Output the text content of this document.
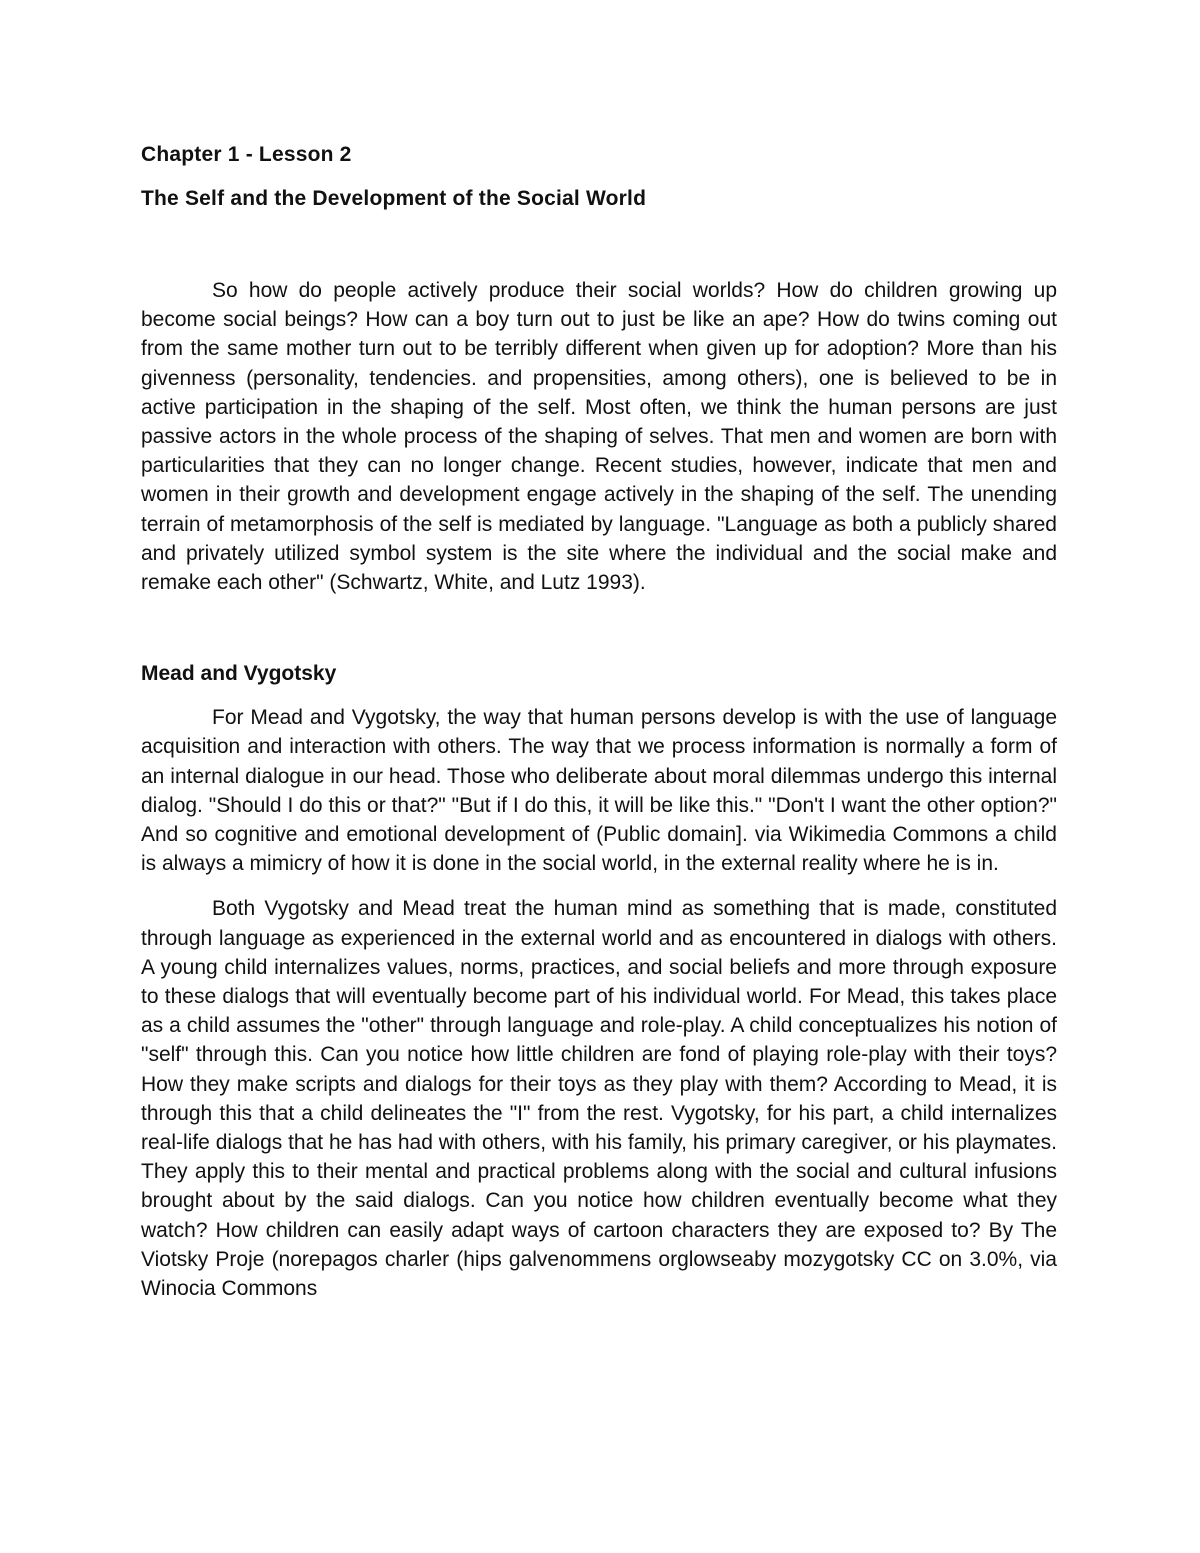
Chapter 1 - Lesson 2
The Self and the Development of the Social World

So how do people actively produce their social worlds? How do children growing up become social beings? How can a boy turn out to just be like an ape? How do twins coming out from the same mother turn out to be terribly different when given up for adoption? More than his givenness (personality, tendencies. and propensities, among others), one is believed to be in active participation in the shaping of the self. Most often, we think the human persons are just passive actors in the whole process of the shaping of selves. That men and women are born with particularities that they can no longer change. Recent studies, however, indicate that men and women in their growth and development engage actively in the shaping of the self. The unending terrain of metamorphosis of the self is mediated by language. "Language as both a publicly shared and privately utilized symbol system is the site where the individual and the social make and remake each other" (Schwartz, White, and Lutz 1993).

Mead and Vygotsky

For Mead and Vygotsky, the way that human persons develop is with the use of language acquisition and interaction with others. The way that we process information is normally a form of an internal dialogue in our head. Those who deliberate about moral dilemmas undergo this internal dialog. "Should I do this or that?" "But if I do this, it will be like this." "Don't I want the other option?" And so cognitive and emotional development of (Public domain]. via Wikimedia Commons a child is always a mimicry of how it is done in the social world, in the external reality where he is in.

Both Vygotsky and Mead treat the human mind as something that is made, constituted through language as experienced in the external world and as encountered in dialogs with others. A young child internalizes values, norms, practices, and social beliefs and more through exposure to these dialogs that will eventually become part of his individual world. For Mead, this takes place as a child assumes the "other" through language and role-play. A child conceptualizes his notion of "self" through this. Can you notice how little children are fond of playing role-play with their toys? How they make scripts and dialogs for their toys as they play with them? According to Mead, it is through this that a child delineates the "I" from the rest. Vygotsky, for his part, a child internalizes real-life dialogs that he has had with others, with his family, his primary caregiver, or his playmates. They apply this to their mental and practical problems along with the social and cultural infusions brought about by the said dialogs. Can you notice how children eventually become what they watch? How children can easily adapt ways of cartoon characters they are exposed to? By The Viotsky Proje (norepagos charler (hips galvenommens orglowseaby mozygotsky CC on 3.0%, via Winocia Commons
